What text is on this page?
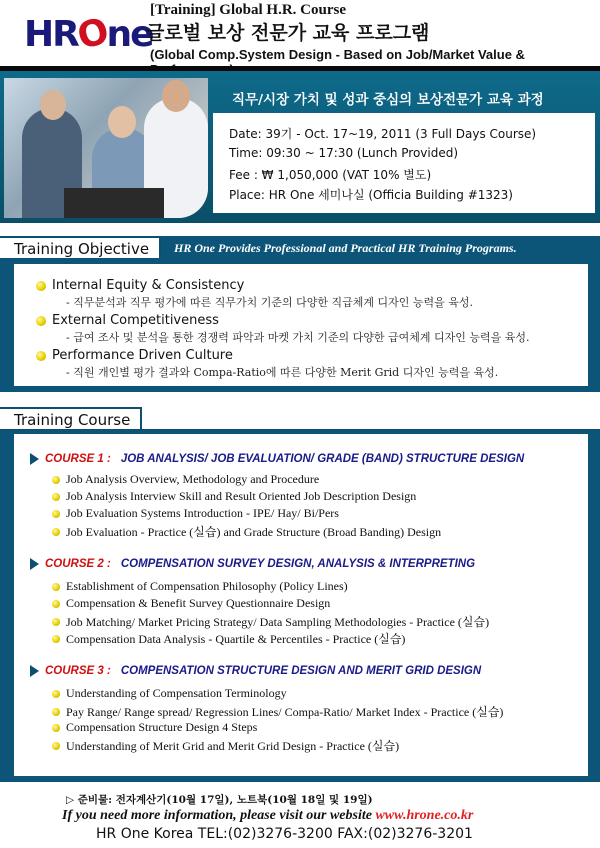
HROne
[Training] Global H.R. Course
글로벌 보상 전문가 교육 프로그램
(Global Comp.System Design - Based on Job/Market Value &
직무/시장 가치 및 성과 중심의 보상전문가 교육 과정
Date: 39기 - Oct. 17~19, 2011 (3 Full Days Course)
Time: 09:30 ~ 17:30 (Lunch Provided)
Fee : ₩ 1,050,000 (VAT 10% 별도)
Place: HR One 세미나실 (Officia Building #1323)
Training Objective	HR One Provides Professional and Practical HR Training Programs.
Internal Equity & Consistency
- 직무분석과 직무 평가에 따른 직무가치 기준의 다양한 직급체계 디자인 능력을 육성.
External Competitiveness
- 급여 조사 및 분석을 통한 경쟁력 파악과 마켓 가치 기준의 다양한 급여체계 디자인 능력을 육성.
Performance Driven Culture
- 직원 개인별 평가 결과와 Compa-Ratio에 따른 다양한 Merit Grid 디자인 능력을 육성.
Training Course
COURSE 1 : JOB ANALYSIS/ JOB EVALUATION/ GRADE (BAND) STRUCTURE DESIGN
Job Analysis Overview, Methodology and Procedure
Job Analysis Interview Skill and Result Oriented Job Description Design
Job Evaluation Systems Introduction - IPE/ Hay/ Bi/Pers
Job Evaluation - Practice (실습) and Grade Structure (Broad Banding) Design
COURSE 2 : COMPENSATION SURVEY DESIGN, ANALYSIS & INTERPRETING
Establishment of Compensation Philosophy (Policy Lines)
Compensation & Benefit Survey Questionnaire Design
Job Matching/ Market Pricing Strategy/ Data Sampling Methodologies - Practice (실습)
Compensation Data Analysis - Quartile & Percentiles - Practice (실습)
COURSE 3 : COMPENSATION STRUCTURE DESIGN AND MERIT GRID DESIGN
Understanding of Compensation Terminology
Pay Range/ Range spread/ Regression Lines/ Compa-Ratio/ Market Index - Practice (실습)
Compensation Structure Design 4 Steps
Understanding of Merit Grid and Merit Grid Design - Practice (실습)
▷ 준비물: 전자계산기(10월 17일), 노트북(10월 18일 및 19일)
If you need more information, please visit our website www.hrone.co.kr
HR One Korea TEL:(02)3276-3200 FAX:(02)3276-3201
